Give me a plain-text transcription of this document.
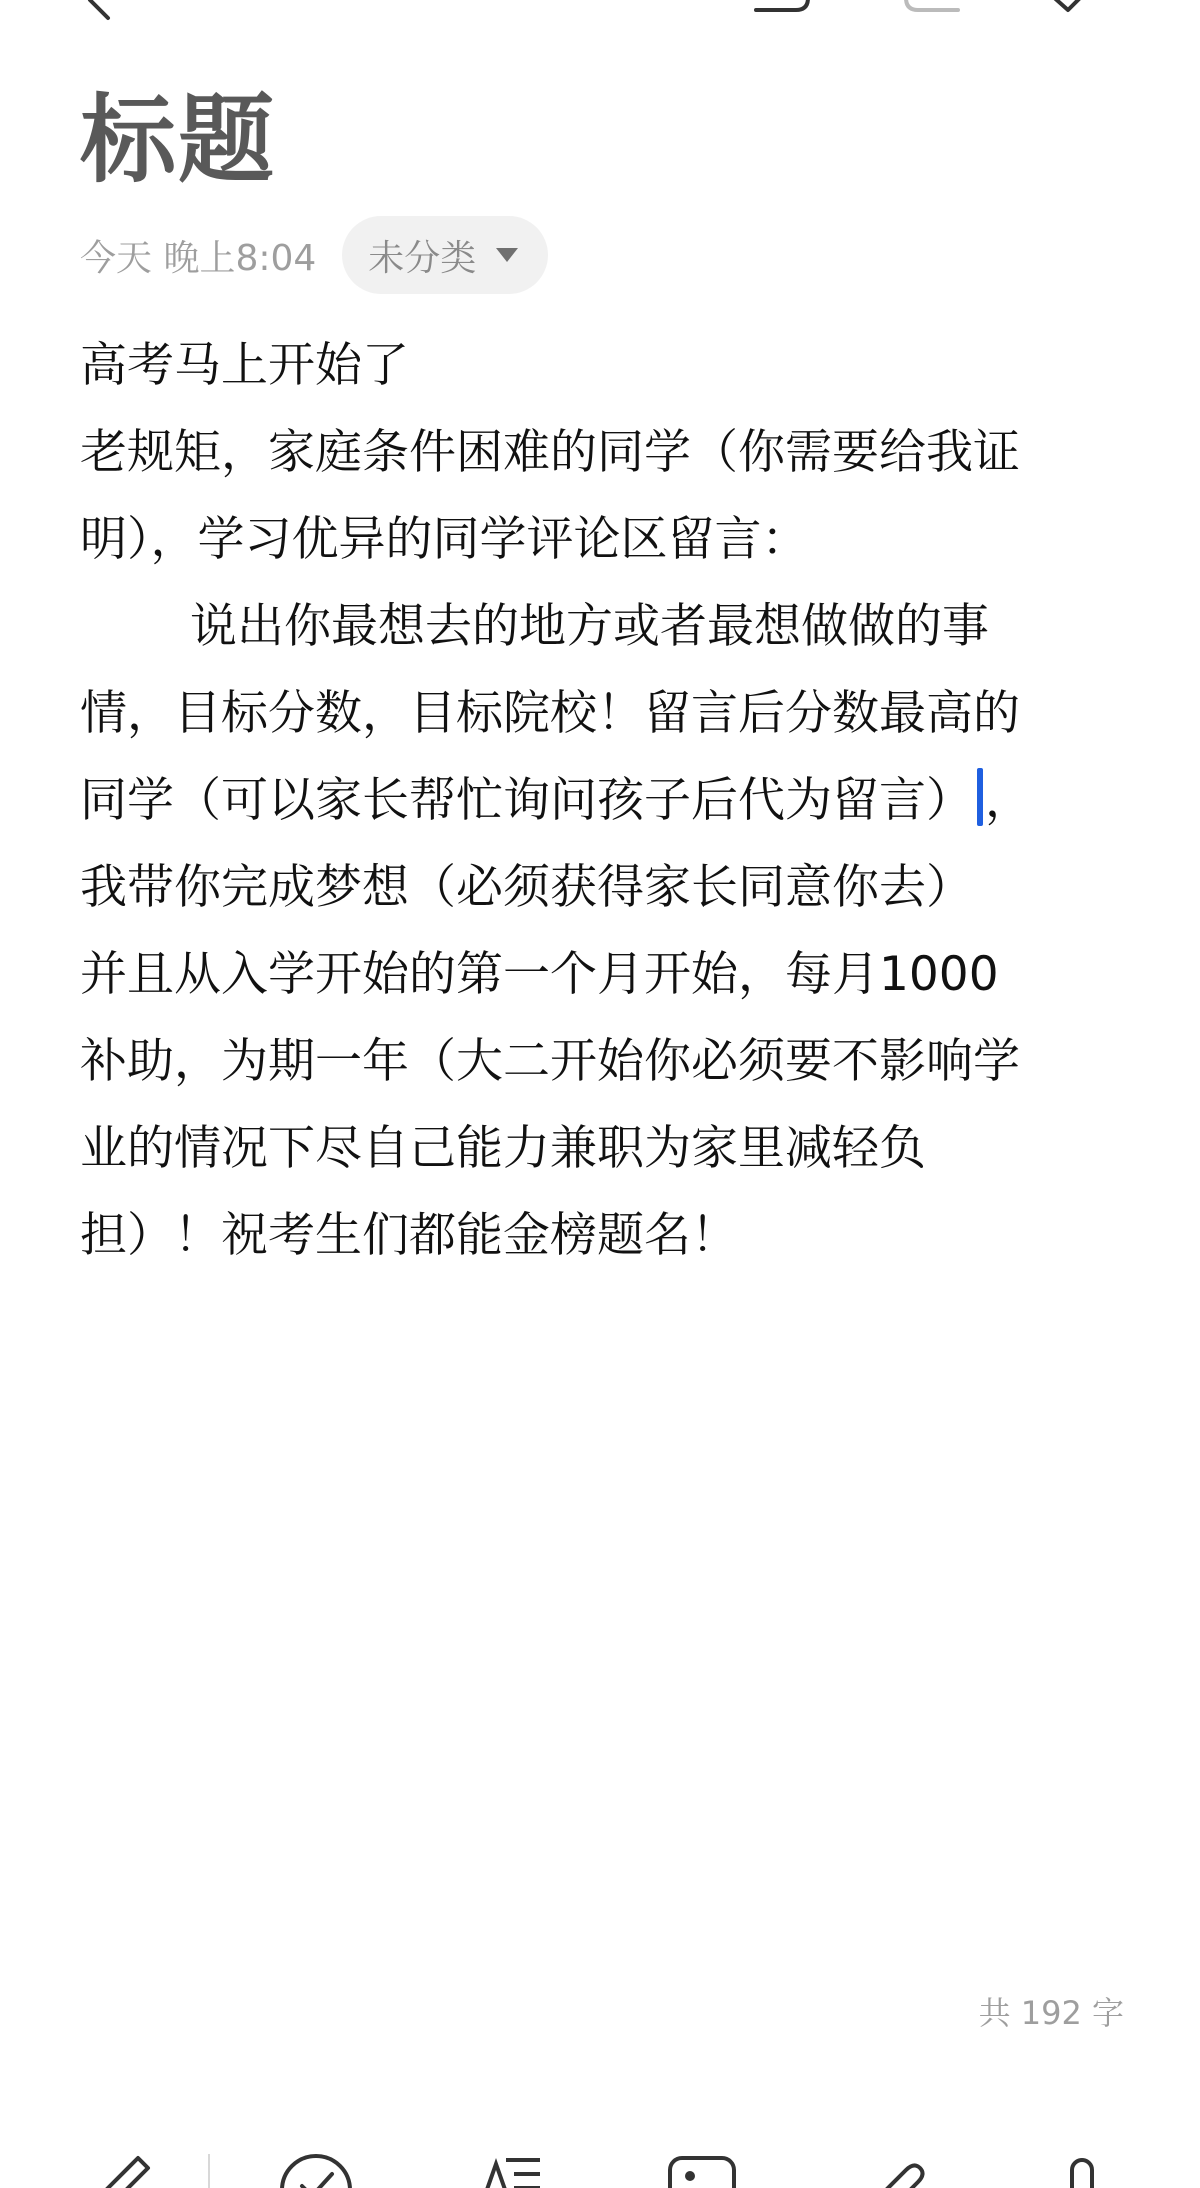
标题
今天 晚上8:04 未分类
高考马上开始了
老规矩，家庭条件困难的同学（你需要给我证
明），学习优异的同学评论区留言：
说出你最想去的地方或者最想做做的事
情，目标分数，目标院校！留言后分数最高的
同学（可以家长帮忙询问孩子后代为留言） ，
我带你完成梦想（必须获得家长同意你去）
并且从入学开始的第一个月开始，每月1000
补助，为期一年（大二开始你必须要不影响学
业的情况下尽自己能力兼职为家里减轻负
担）！祝考生们都能金榜题名！
共 192 字
